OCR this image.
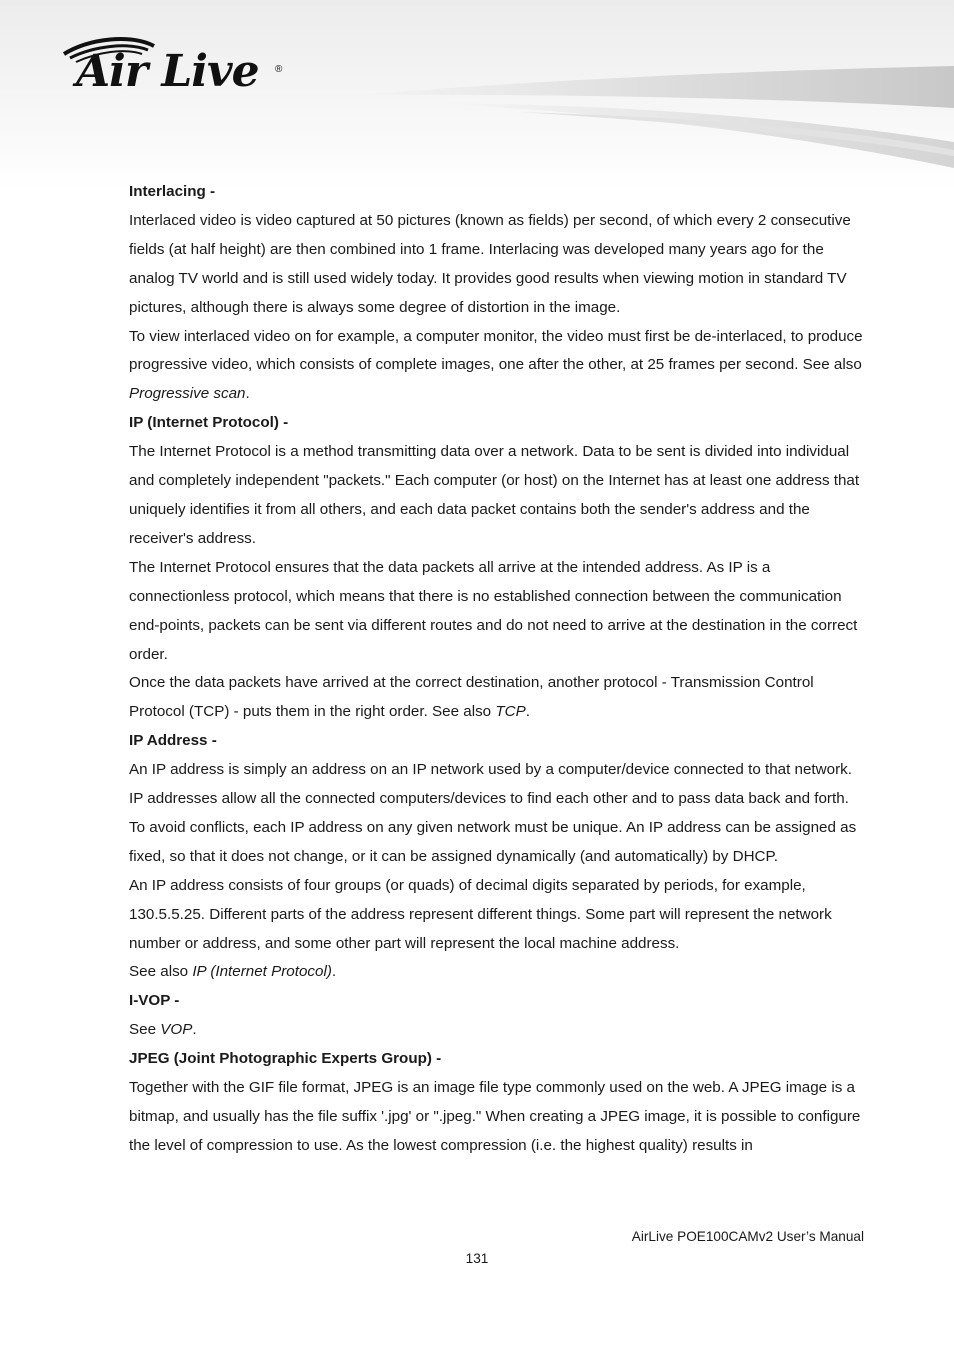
Air Live ®

Interlacing -

Interlaced video is video captured at 50 pictures (known as fields) per second, of which every 2 consecutive fields (at half height) are then combined into 1 frame. Interlacing was developed many years ago for the analog TV world and is still used widely today. It provides good results when viewing motion in standard TV pictures, although there is always some degree of distortion in the image.

To view interlaced video on for example, a computer monitor, the video must first be de-interlaced, to produce progressive video, which consists of complete images, one after the other, at 25 frames per second. See also Progressive scan.

IP (Internet Protocol) -

The Internet Protocol is a method transmitting data over a network. Data to be sent is divided into individual and completely independent "packets." Each computer (or host) on the Internet has at least one address that uniquely identifies it from all others, and each data packet contains both the sender's address and the receiver's address.

The Internet Protocol ensures that the data packets all arrive at the intended address. As IP is a connectionless protocol, which means that there is no established connection between the communication end-points, packets can be sent via different routes and do not need to arrive at the destination in the correct order.

Once the data packets have arrived at the correct destination, another protocol - Transmission Control Protocol (TCP) - puts them in the right order. See also TCP.

IP Address -

An IP address is simply an address on an IP network used by a computer/device connected to that network. IP addresses allow all the connected computers/devices to find each other and to pass data back and forth.

To avoid conflicts, each IP address on any given network must be unique. An IP address can be assigned as fixed, so that it does not change, or it can be assigned dynamically (and automatically) by DHCP.

An IP address consists of four groups (or quads) of decimal digits separated by periods, for example, 130.5.5.25. Different parts of the address represent different things. Some part will represent the network number or address, and some other part will represent the local machine address.

See also IP (Internet Protocol).

I-VOP -

See VOP.

JPEG (Joint Photographic Experts Group) -

Together with the GIF file format, JPEG is an image file type commonly used on the web. A JPEG image is a bitmap, and usually has the file suffix '.jpg' or ".jpeg." When creating a JPEG image, it is possible to configure the level of compression to use. As the lowest compression (i.e. the highest quality) results in

AirLive POE100CAMv2 User’s Manual
131
